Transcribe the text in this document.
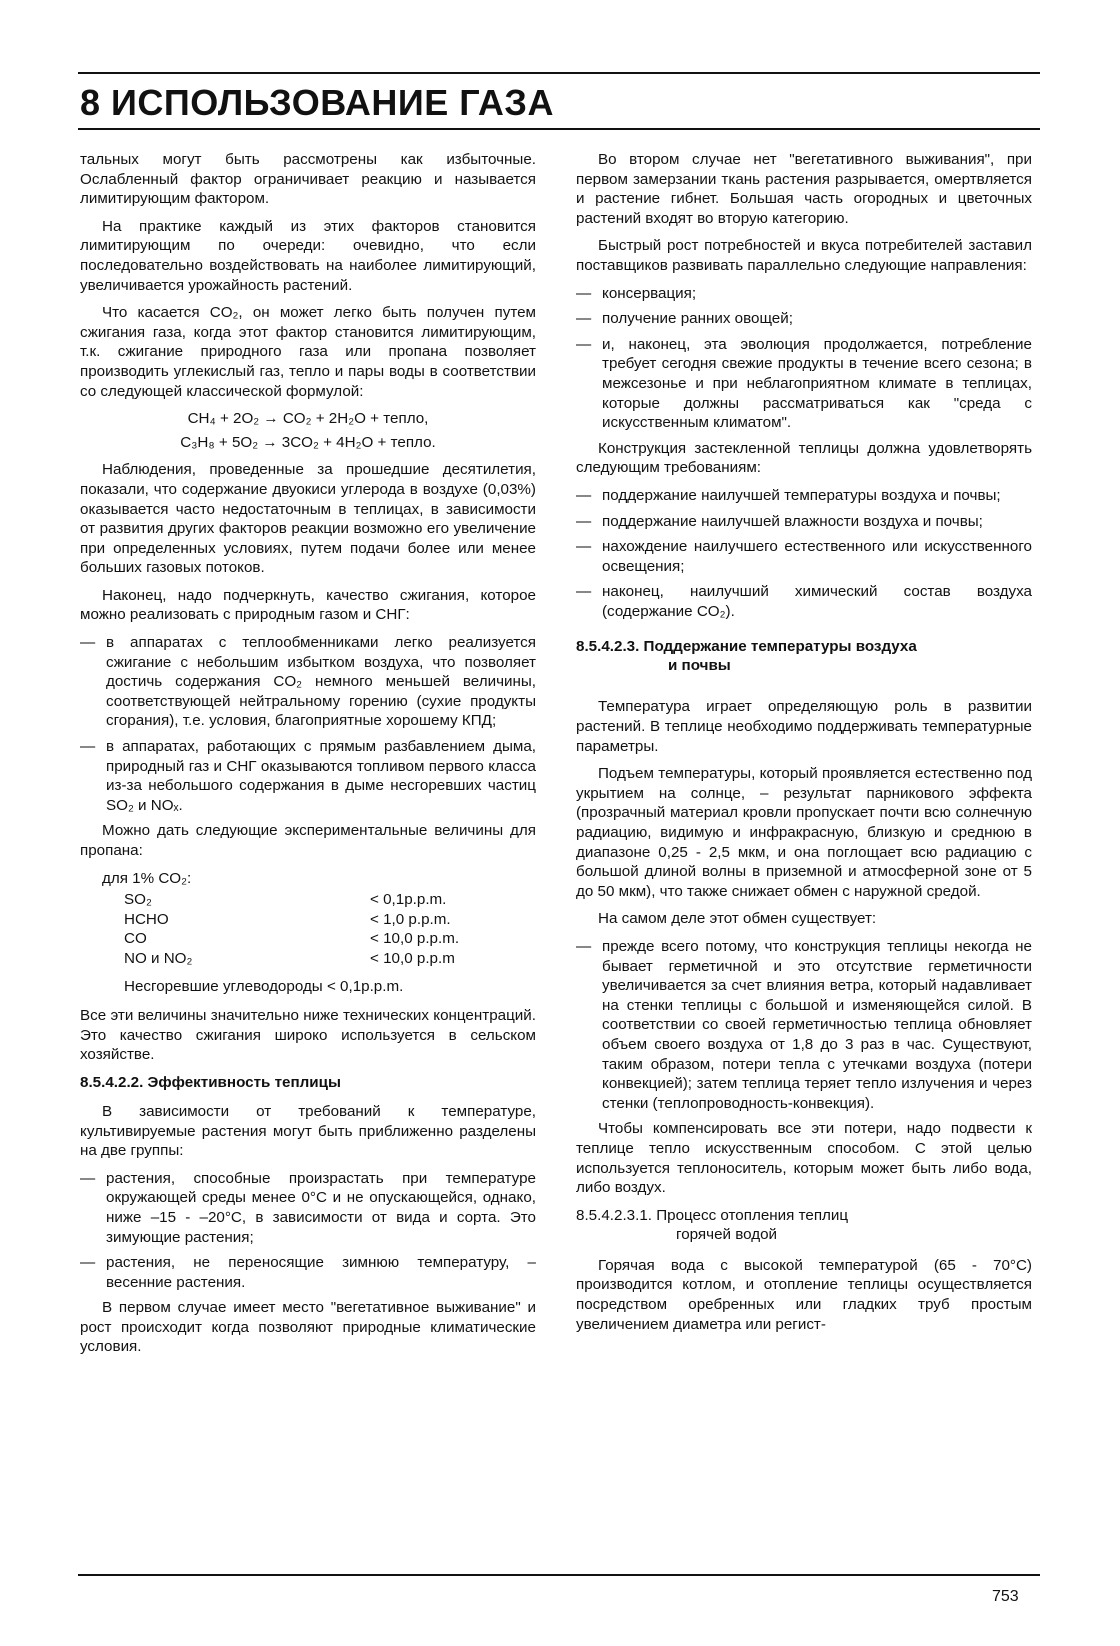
8 ИСПОЛЬЗОВАНИЕ ГАЗА

тальных могут быть рассмотрены как избыточные. Ослабленный фактор ограничивает реакцию и называется лимитирующим фактором.

На практике каждый из этих факторов становится лимитирующим по очереди: очевидно, что если последовательно воздействовать на наиболее лимитирующий, увеличивается урожайность растений.

Что касается CO₂, он может легко быть получен путем сжигания газа, когда этот фактор становится лимитирующим, т.к. сжигание природного газа или пропана позволяет производить углекислый газ, тепло и пары воды в соответствии со следующей классической формулой:

CH₄ + 2O₂ → CO₂ + 2H₂O + тепло,
C₃H₈ + 5O₂ → 3CO₂ + 4H₂O + тепло.

Наблюдения, проведенные за прошедшие десятилетия, показали, что содержание двуокиси углерода в воздухе (0,03%) оказывается часто недостаточным в теплицах, в зависимости от развития других факторов реакции возможно его увеличение при определенных условиях, путем подачи более или менее больших газовых потоков.

Наконец, надо подчеркнуть, качество сжигания, которое можно реализовать с природным газом и СНГ:

— в аппаратах с теплообменниками легко реализуется сжигание с небольшим избытком воздуха, что позволяет достичь содержания CO₂ немного меньшей величины, соответствующей нейтральному горению (сухие продукты сгорания), т.е. условия, благоприятные хорошему КПД;
— в аппаратах, работающих с прямым разбавлением дыма, природный газ и СНГ оказываются топливом первого класса из-за небольшого содержания в дыме несгоревших частиц SO₂ и NOₓ.

Можно дать следующие экспериментальные величины для пропана:

для 1% CO₂:

SO₂	< 0,1p.p.m.
HCHO	< 1,0 p.p.m.
CO	< 10,0 p.p.m.
NO и NO₂	< 10,0 p.p.m
Несгоревшие углеводороды < 0,1p.p.m.

Все эти величины значительно ниже технических концентраций. Это качество сжигания широко используется в сельском хозяйстве.

8.5.4.2.2. Эффективность теплицы

В зависимости от требований к температуре, культивируемые растения могут быть приближенно разделены на две группы:

— растения, способные произрастать при температуре окружающей среды менее 0°С и не опускающейся, однако, ниже –15 - –20°С, в зависимости от вида и сорта. Это зимующие растения;
— растения, не переносящие зимнюю температуру, – весенние растения.

В первом случае имеет место "вегетативное выживание" и рост происходит когда позволяют природные климатические условия.

Во втором случае нет "вегетативного выживания", при первом замерзании ткань растения разрывается, омертвляется и растение гибнет. Большая часть огородных и цветочных растений входят во вторую категорию.

Быстрый рост потребностей и вкуса потребителей заставил поставщиков развивать параллельно следующие направления:

— консервация;
— получение ранних овощей;
— и, наконец, эта эволюция продолжается, потребление требует сегодня свежие продукты в течение всего сезона; в межсезонье и при неблагоприятном климате в теплицах, которые должны рассматриваться как "среда с искусственным климатом".

Конструкция застекленной теплицы должна удовлетворять следующим требованиям:

— поддержание наилучшей температуры воздуха и почвы;
— поддержание наилучшей влажности воздуха и почвы;
— нахождение наилучшего естественного или искусственного освещения;
— наконец, наилучший химический состав воздуха (содержание CO₂).
8.5.4.2.3. Поддержание температуры воздуха
и почвы

Температура играет определяющую роль в развитии растений. В теплице необходимо поддерживать температурные параметры.

Подъем температуры, который проявляется естественно под укрытием на солнце, – результат парникового эффекта (прозрачный материал кровли пропускает почти всю солнечную радиацию, видимую и инфракрасную, близкую и среднюю в диапазоне 0,25 - 2,5 мкм, и она поглощает всю радиацию с большой длиной волны в приземной и атмосферной зоне от 5 до 50 мкм), что также снижает обмен с наружной средой.

На самом деле этот обмен существует:

— прежде всего потому, что конструкция теплицы некогда не бывает герметичной и это отсутствие герметичности увеличивается за счет влияния ветра, который надавливает на стенки теплицы с большой и изменяющейся силой. В соответствии со своей герметичностью теплица обновляет объем своего воздуха от 1,8 до 3 раз в час. Существуют, таким образом, потери тепла с утечками воздуха (потери конвекцией); затем теплица теряет тепло излучения и через стенки (теплопроводность-конвекция).

Чтобы компенсировать все эти потери, надо подвести к теплице тепло искусственным способом. С этой целью используется теплоноситель, которым может быть либо вода, либо воздух.

8.5.4.2.3.1. Процесс отопления теплиц
горячей водой

Горячая вода с высокой температурой (65 - 70°С) производится котлом, и отопление теплицы осуществляется посредством оребренных или гладких труб простым увеличением диаметра или регист-

753
